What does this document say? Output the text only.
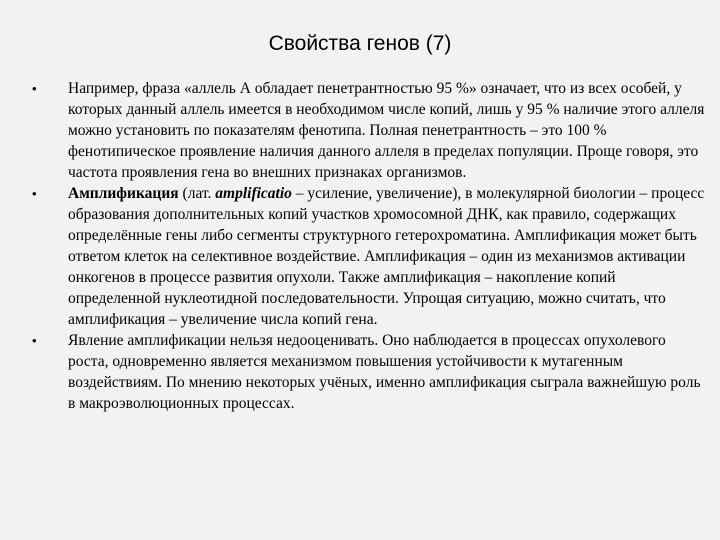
Свойства генов (7)
•	Например, фраза «аллель А обладает пенетрантностью 95 %» означает, что из всех особей, у которых данный аллель имеется в необходимом числе копий, лишь у 95 % наличие этого аллеля можно установить по показателям фенотипа. Полная пенетрантность – это 100 % фенотипическое проявление наличия данного аллеля в пределах популяции. Проще говоря, это частота проявления гена во внешних признаках организмов.
•	Амплификация (лат. amplificatio – усиление, увеличение), в молекулярной биологии – процесс образования дополнительных копий участков хромосомной ДНК, как правило, содержащих определённые гены либо сегменты структурного гетерохроматина. Амплификация может быть ответом клеток на селективное воздействие. Амплификация – один из механизмов активации онкогенов в процессе развития опухоли. Также амплификация – накопление копий определенной нуклеотидной последовательности. Упрощая ситуацию, можно считать, что амплификация – увеличение числа копий гена.
•	Явление амплификации нельзя недооценивать. Оно наблюдается в процессах опухолевого роста, одновременно является механизмом повышения устойчивости к мутагенным воздействиям. По мнению некоторых учёных, именно амплификация сыграла важнейшую роль в макроэволюционных процессах.
